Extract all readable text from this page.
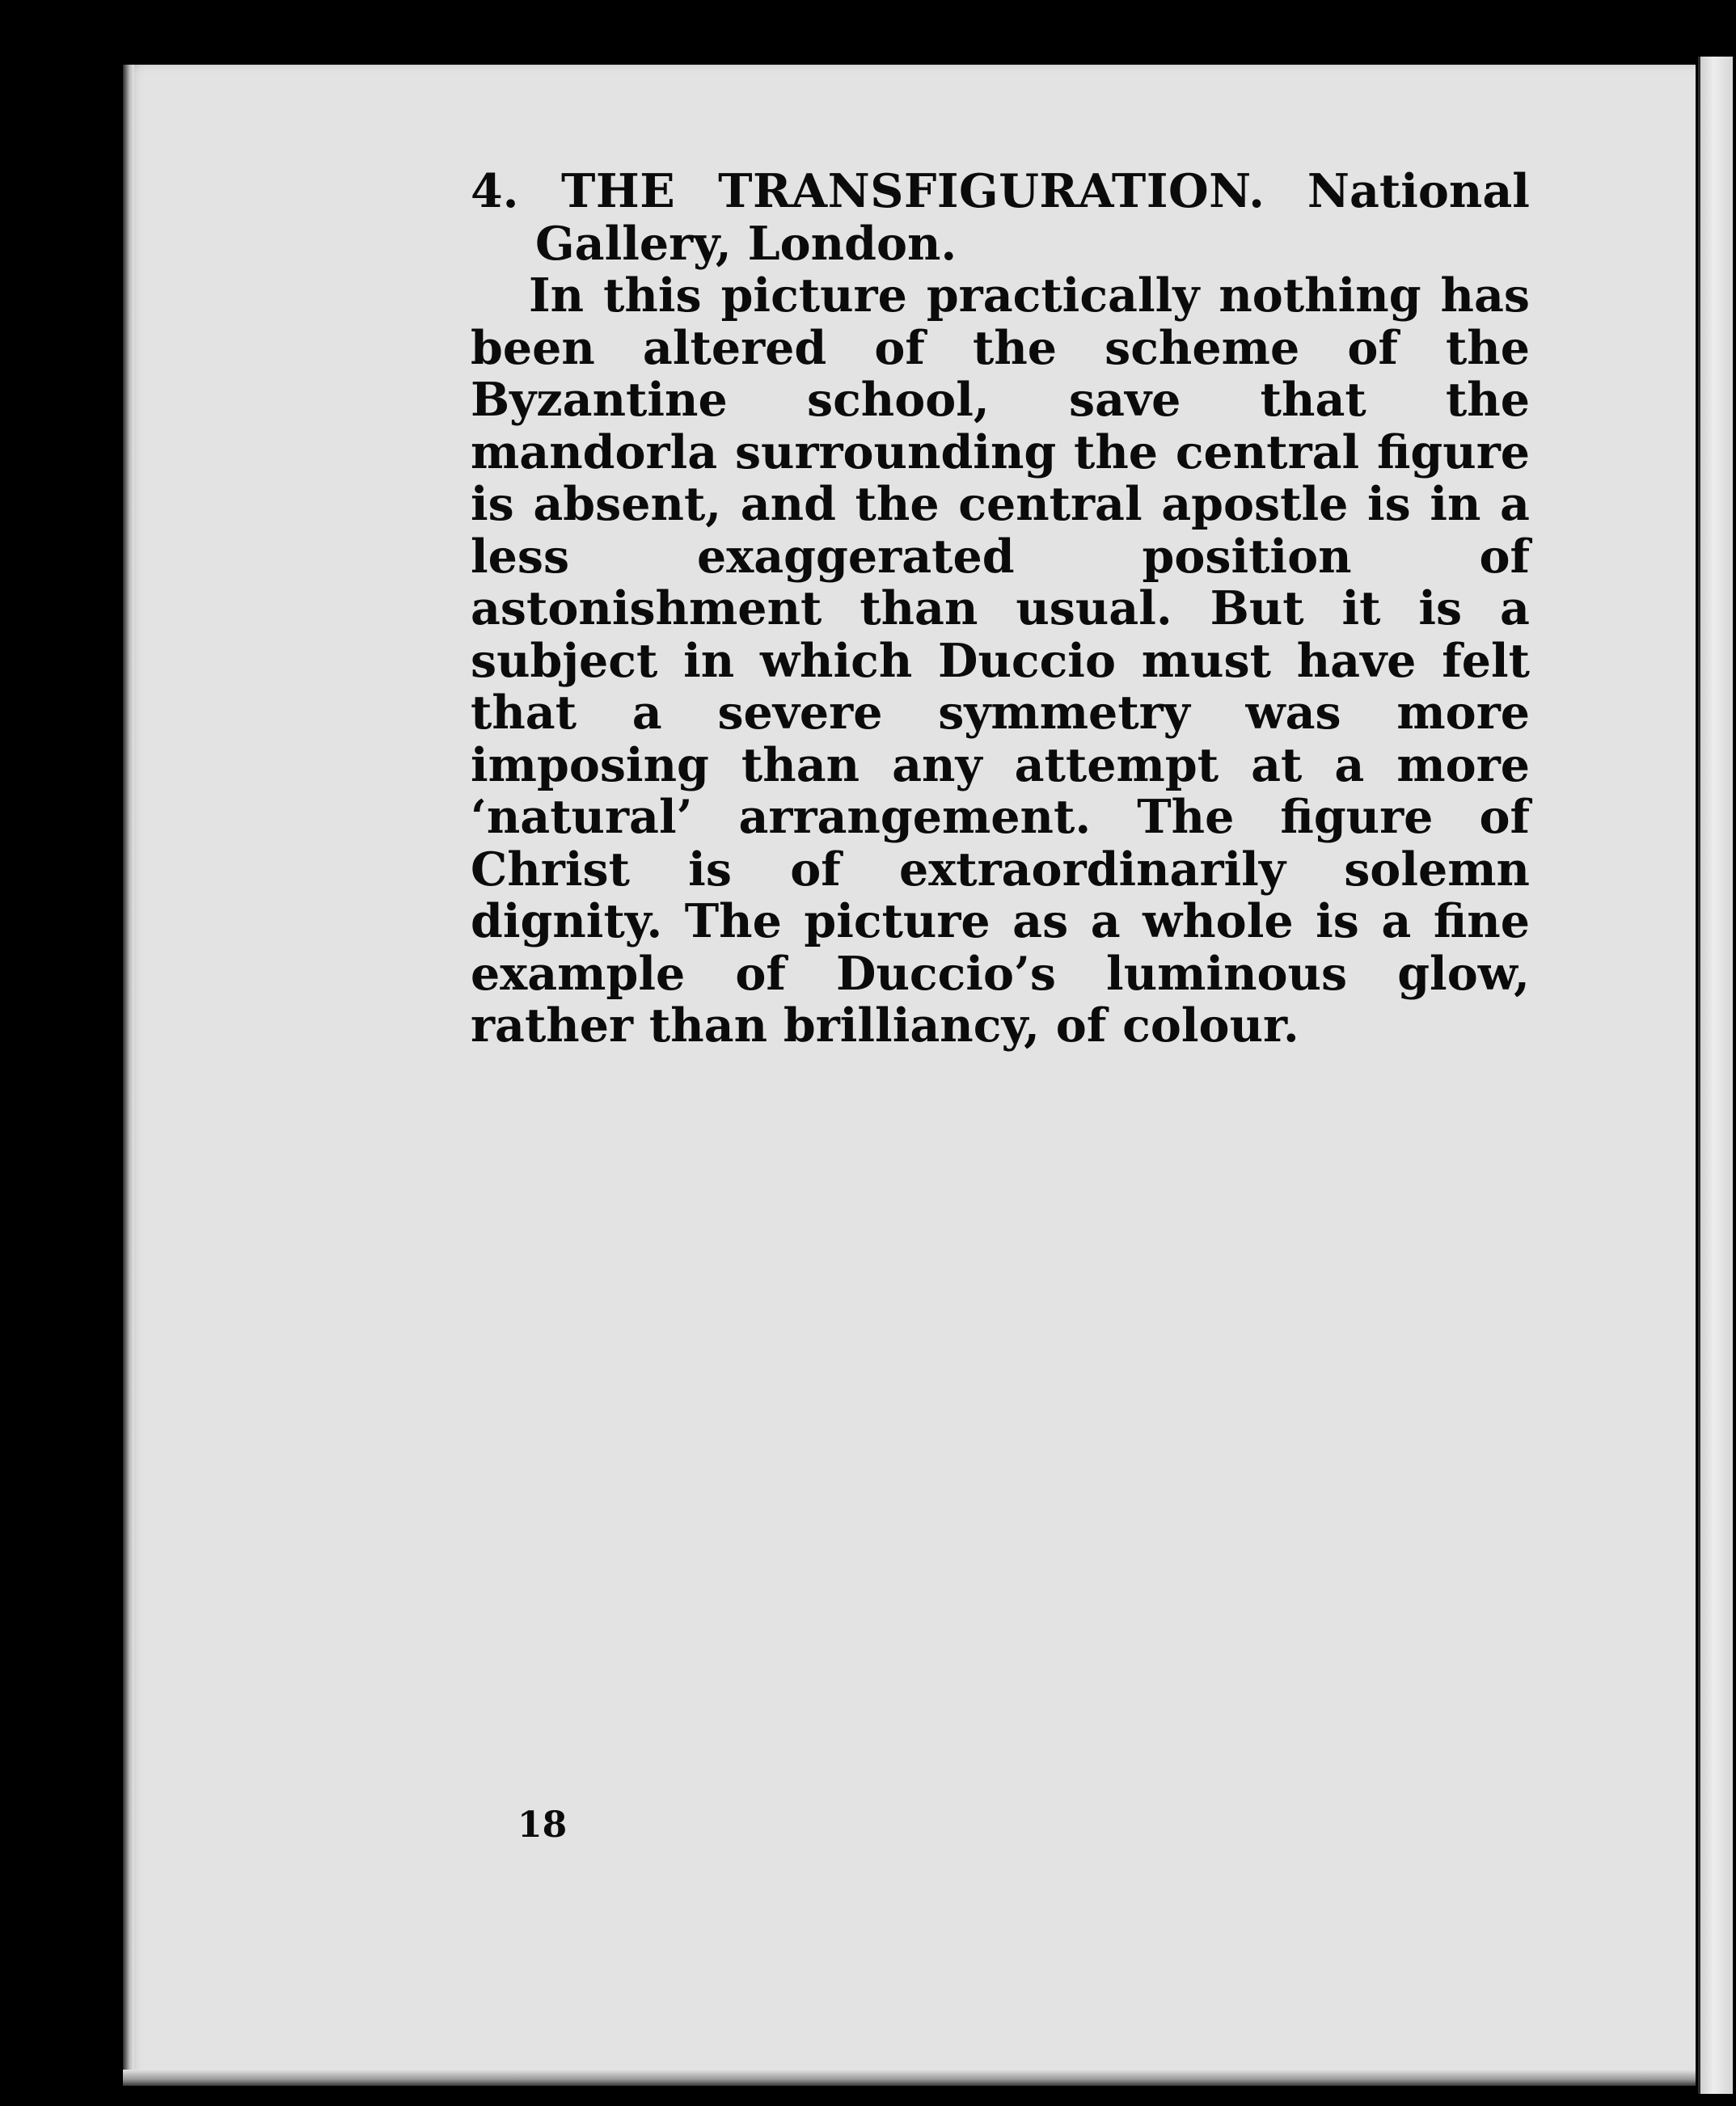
4. THE TRANSFIGURATION. National Gallery, London.

In this picture practically nothing has been altered of the scheme of the Byzantine school, save that the mandorla surrounding the central figure is absent, and the central apostle is in a less exaggerated position of astonishment than usual. But it is a subject in which Duccio must have felt that a severe symmetry was more imposing than any attempt at a more ‘natural’ arrangement. The figure of Christ is of extraordinarily solemn dignity. The picture as a whole is a fine example of Duccio’s luminous glow, rather than brilliancy, of colour.

18
